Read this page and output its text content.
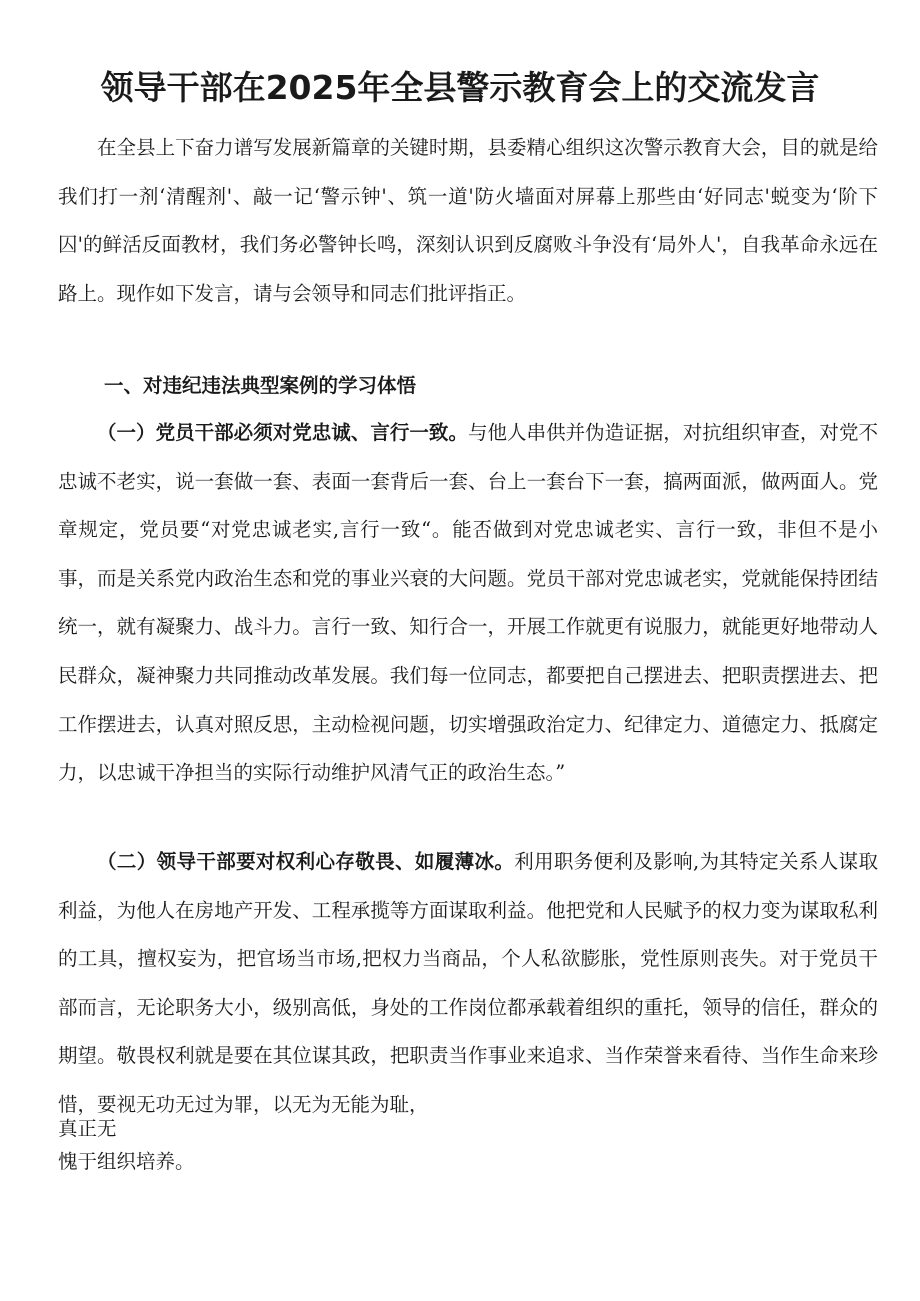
领导干部在2025年全县警示教育会上的交流发言

在全县上下奋力谱写发展新篇章的关键时期，县委精心组织这次警示教育大会，目的就是给我们打一剂‘清醒剂'、敲一记‘警示钟'、筑一道'防火墙面对屏幕上那些由‘好同志'蜕变为‘阶下囚'的鲜活反面教材，我们务必警钟长鸣，深刻认识到反腐败斗争没有‘局外人'，自我革命永远在路上。现作如下发言，请与会领导和同志们批评指正。

一、对违纪违法典型案例的学习体悟

（一）党员干部必须对党忠诚、言行一致。与他人串供并伪造证据，对抗组织审查，对党不忠诚不老实，说一套做一套、表面一套背后一套、台上一套台下一套，搞两面派，做两面人。党章规定，党员要“对党忠诚老实,言行一致“。能否做到对党忠诚老实、言行一致，非但不是小事，而是关系党内政治生态和党的事业兴衰的大问题。党员干部对党忠诚老实，党就能保持团结统一，就有凝聚力、战斗力。言行一致、知行合一，开展工作就更有说服力，就能更好地带动人民群众，凝神聚力共同推动改革发展。我们每一位同志，都要把自己摆进去、把职责摆进去、把工作摆进去，认真对照反思，主动检视问题，切实增强政治定力、纪律定力、道德定力、抵腐定力，以忠诚干净担当的实际行动维护风清气正的政治生态。”

（二）领导干部要对权利心存敬畏、如履薄冰。利用职务便利及影响,为其特定关系人谋取利益，为他人在房地产开发、工程承揽等方面谋取利益。他把党和人民赋予的权力变为谋取私利的工具，擅权妄为，把官场当市场,把权力当商品，个人私欲膨胀，党性原则丧失。对于党员干部而言，无论职务大小，级别高低，身处的工作岗位都承载着组织的重托，领导的信任，群众的期望。敬畏权利就是要在其位谋其政，把职责当作事业来追求、当作荣誉来看待、当作生命来珍惜，要视无功无过为罪，以无为无能为耻，

真正无

愧于组织培养。
